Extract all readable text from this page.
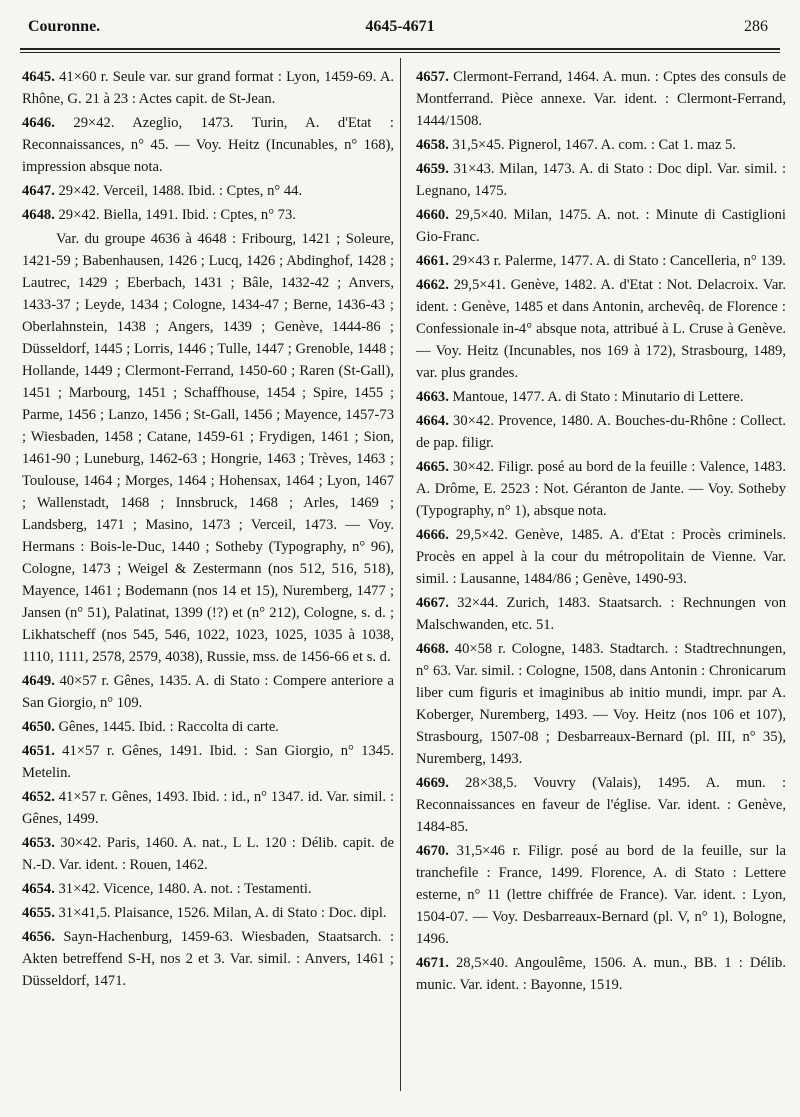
Couronne.	4645-4671	286
4645. 41×60 r. Seule var. sur grand format : Lyon, 1459-69. A. Rhône, G. 21 à 23 : Actes capit. de St-Jean.
4646. 29×42. Azeglio, 1473. Turin, A. d'Etat : Reconnaissances, n° 45. — Voy. Heitz (Incunables, n° 168), impression absque nota.
4647. 29×42. Verceil, 1488. Ibid. : Cptes, n° 44.
4648. 29×42. Biella, 1491. Ibid. : Cptes, n° 73.
Var. du groupe 4636 à 4648 : Fribourg, 1421 ; Soleure, 1421-59 ; Babenhausen, 1426 ; Lucq, 1426 ; Abdinghof, 1428 ; Lautrec, 1429 ; Eberbach, 1431 ; Bâle, 1432-42 ; Anvers, 1433-37 ; Leyde, 1434 ; Cologne, 1434-47 ; Berne, 1436-43 ; Oberlahnstein, 1438 ; Angers, 1439 ; Genève, 1444-86 ; Düsseldorf, 1445 ; Lorris, 1446 ; Tulle, 1447 ; Grenoble, 1448 ; Hollande, 1449 ; Clermont-Ferrand, 1450-60 ; Raren (St-Gall), 1451 ; Marbourg, 1451 ; Schaffhouse, 1454 ; Spire, 1455 ; Parme, 1456 ; Lanzo, 1456 ; St-Gall, 1456 ; Mayence, 1457-73 ; Wiesbaden, 1458 ; Catane, 1459-61 ; Frydigen, 1461 ; Sion, 1461-90 ; Luneburg, 1462-63 ; Hongrie, 1463 ; Trèves, 1463 ; Toulouse, 1464 ; Morges, 1464 ; Hohensax, 1464 ; Lyon, 1467 ; Wallenstadt, 1468 ; Innsbruck, 1468 ; Arles, 1469 ; Landsberg, 1471 ; Masino, 1473 ; Verceil, 1473. — Voy. Hermans : Bois-le-Duc, 1440 ; Sotheby (Typography, n° 96), Cologne, 1473 ; Weigel & Zestermann (nos 512, 516, 518), Mayence, 1461 ; Bodemann (nos 14 et 15), Nuremberg, 1477 ; Jansen (n° 51), Palatinat, 1399 (!?) et (n° 212), Cologne, s. d. ; Likhatscheff (nos 545, 546, 1022, 1023, 1025, 1035 à 1038, 1110, 1111, 2578, 2579, 4038), Russie, mss. de 1456-66 et s. d.
4649. 40×57 r. Gênes, 1435. A. di Stato : Compere anteriore a San Giorgio, n° 109.
4650. Gênes, 1445. Ibid. : Raccolta di carte.
4651. 41×57 r. Gênes, 1491. Ibid. : San Giorgio, n° 1345. Metelin.
4652. 41×57 r. Gênes, 1493. Ibid. : id., n° 1347. id. Var. simil. : Gênes, 1499.
4653. 30×42. Paris, 1460. A. nat., L L. 120 : Délib. capit. de N.-D. Var. ident. : Rouen, 1462.
4654. 31×42. Vicence, 1480. A. not. : Testamenti.
4655. 31×41,5. Plaisance, 1526. Milan, A. di Stato : Doc. dipl.
4656. Sayn-Hachenburg, 1459-63. Wiesbaden, Staatsarch. : Akten betreffend S-H, nos 2 et 3. Var. simil. : Anvers, 1461 ; Düsseldorf, 1471.
4657. Clermont-Ferrand, 1464. A. mun. : Cptes des consuls de Montferrand. Pièce annexe. Var. ident. : Clermont-Ferrand, 1444/1508.
4658. 31,5×45. Pignerol, 1467. A. com. : Cat 1. maz 5.
4659. 31×43. Milan, 1473. A. di Stato : Doc dipl. Var. simil. : Legnano, 1475.
4660. 29,5×40. Milan, 1475. A. not. : Minute di Castiglioni Gio-Franc.
4661. 29×43 r. Palerme, 1477. A. di Stato : Cancelleria, n° 139.
4662. 29,5×41. Genève, 1482. A. d'Etat : Not. Delacroix. Var. ident. : Genève, 1485 et dans Antonin, archevêq. de Florence : Confessionale in-4° absque nota, attribué à L. Cruse à Genève. — Voy. Heitz (Incunables, nos 169 à 172), Strasbourg, 1489, var. plus grandes.
4663. Mantoue, 1477. A. di Stato : Minutario di Lettere.
4664. 30×42. Provence, 1480. A. Bouches-du-Rhône : Collect. de pap. filigr.
4665. 30×42. Filigr. posé au bord de la feuille : Valence, 1483. A. Drôme, E. 2523 : Not. Géranton de Jante. — Voy. Sotheby (Typography, n° 1), absque nota.
4666. 29,5×42. Genève, 1485. A. d'Etat : Procès criminels. Procès en appel à la cour du métropolitain de Vienne. Var. simil. : Lausanne, 1484/86 ; Genève, 1490-93.
4667. 32×44. Zurich, 1483. Staatsarch. : Rechnungen von Malschwanden, etc. 51.
4668. 40×58 r. Cologne, 1483. Stadtarch. : Stadtrechnungen, n° 63. Var. simil. : Cologne, 1508, dans Antonin : Chronicarum liber cum figuris et imaginibus ab initio mundi, impr. par A. Koberger, Nuremberg, 1493. — Voy. Heitz (nos 106 et 107), Strasbourg, 1507-08 ; Desbarreaux-Bernard (pl. III, n° 35), Nuremberg, 1493.
4669. 28×38,5. Vouvry (Valais), 1495. A. mun. : Reconnaissances en faveur de l'église. Var. ident. : Genève, 1484-85.
4670. 31,5×46 r. Filigr. posé au bord de la feuille, sur la tranchefile : France, 1499. Florence, A. di Stato : Lettere esterne, n° 11 (lettre chiffrée de France). Var. ident. : Lyon, 1504-07. — Voy. Desbarreaux-Bernard (pl. V, n° 1), Bologne, 1496.
4671. 28,5×40. Angoulême, 1506. A. mun., BB. 1 : Délib. munic. Var. ident. : Bayonne, 1519.
